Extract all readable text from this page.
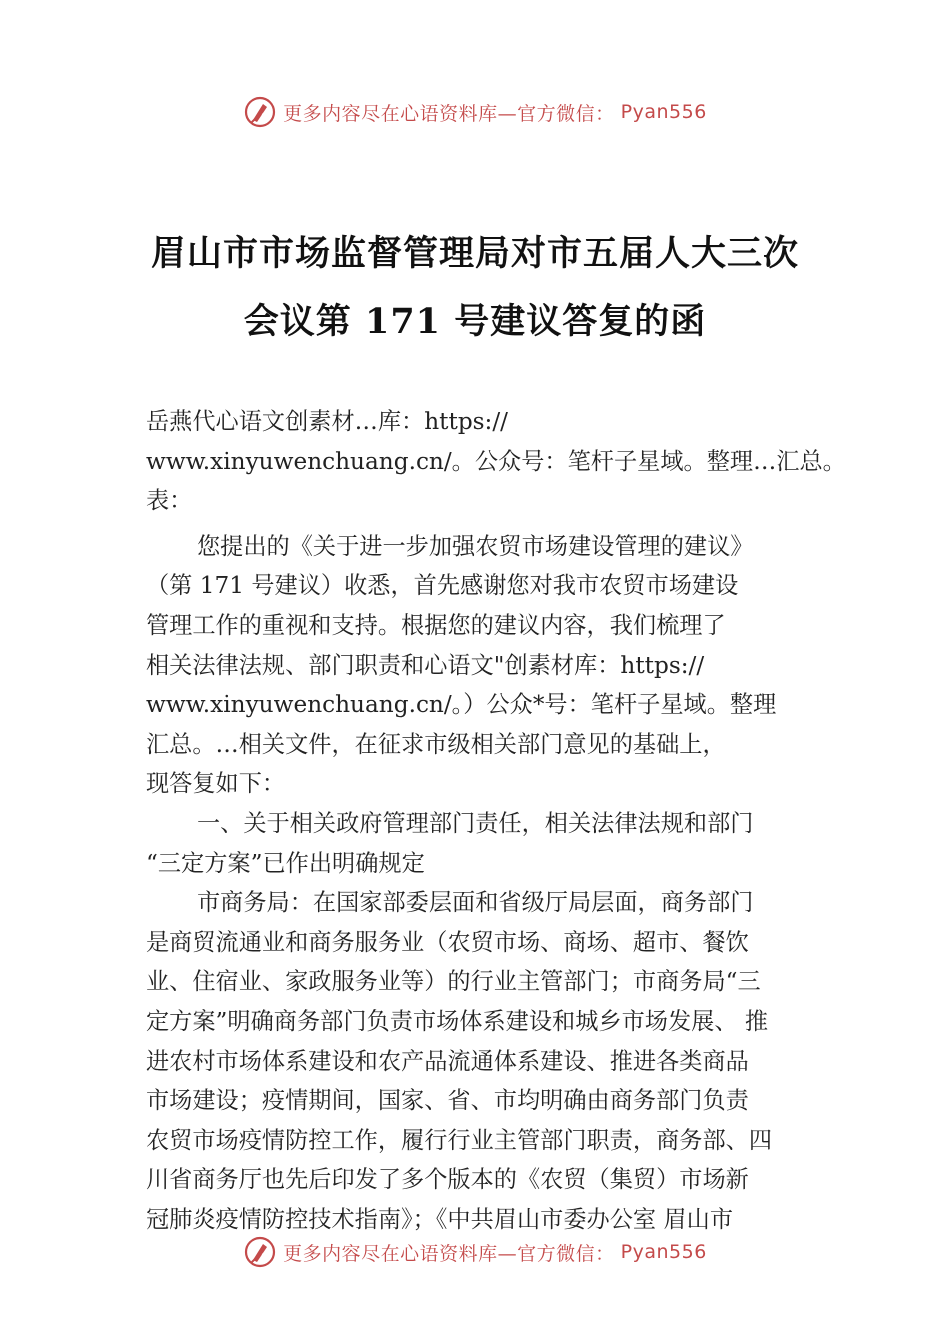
更多内容尽在心语资料库—官方微信： Pyan556
眉山市市场监督管理局对市五届人大三次
会议第 171 号建议答复的函
岳燕代心语文创素材…库：https://
www.xinyuwenchuang.cn/。公众号：笔杆子星域。整理…汇总。
表：
您提出的《关于进一步加强农贸市场建设管理的建议》
（第 171 号建议）收悉，首先感谢您对我市农贸市场建设
管理工作的重视和支持。根据您的建议内容，我们梳理了
相关法律法规、部门职责和心语文"创素材库：https://
www.xinyuwenchuang.cn/。）公众*号：笔杆子星域。整理
汇总。…相关文件，在征求市级相关部门意见的基础上，
现答复如下：
一、关于相关政府管理部门责任，相关法律法规和部门
“三定方案”已作出明确规定
市商务局：在国家部委层面和省级厅局层面，商务部门
是商贸流通业和商务服务业（农贸市场、商场、超市、餐饮
业、住宿业、家政服务业等）的行业主管部门；市商务局“三
定方案”明确商务部门负责市场体系建设和城乡市场发展、 推
进农村市场体系建设和农产品流通体系建设、推进各类商品
市场建设；疫情期间，国家、省、市均明确由商务部门负责
农贸市场疫情防控工作，履行行业主管部门职责，商务部、四
川省商务厅也先后印发了多个版本的《农贸（集贸）市场新
冠肺炎疫情防控技术指南》；《中共眉山市委办公室 眉山市
更多内容尽在心语资料库—官方微信： Pyan556
